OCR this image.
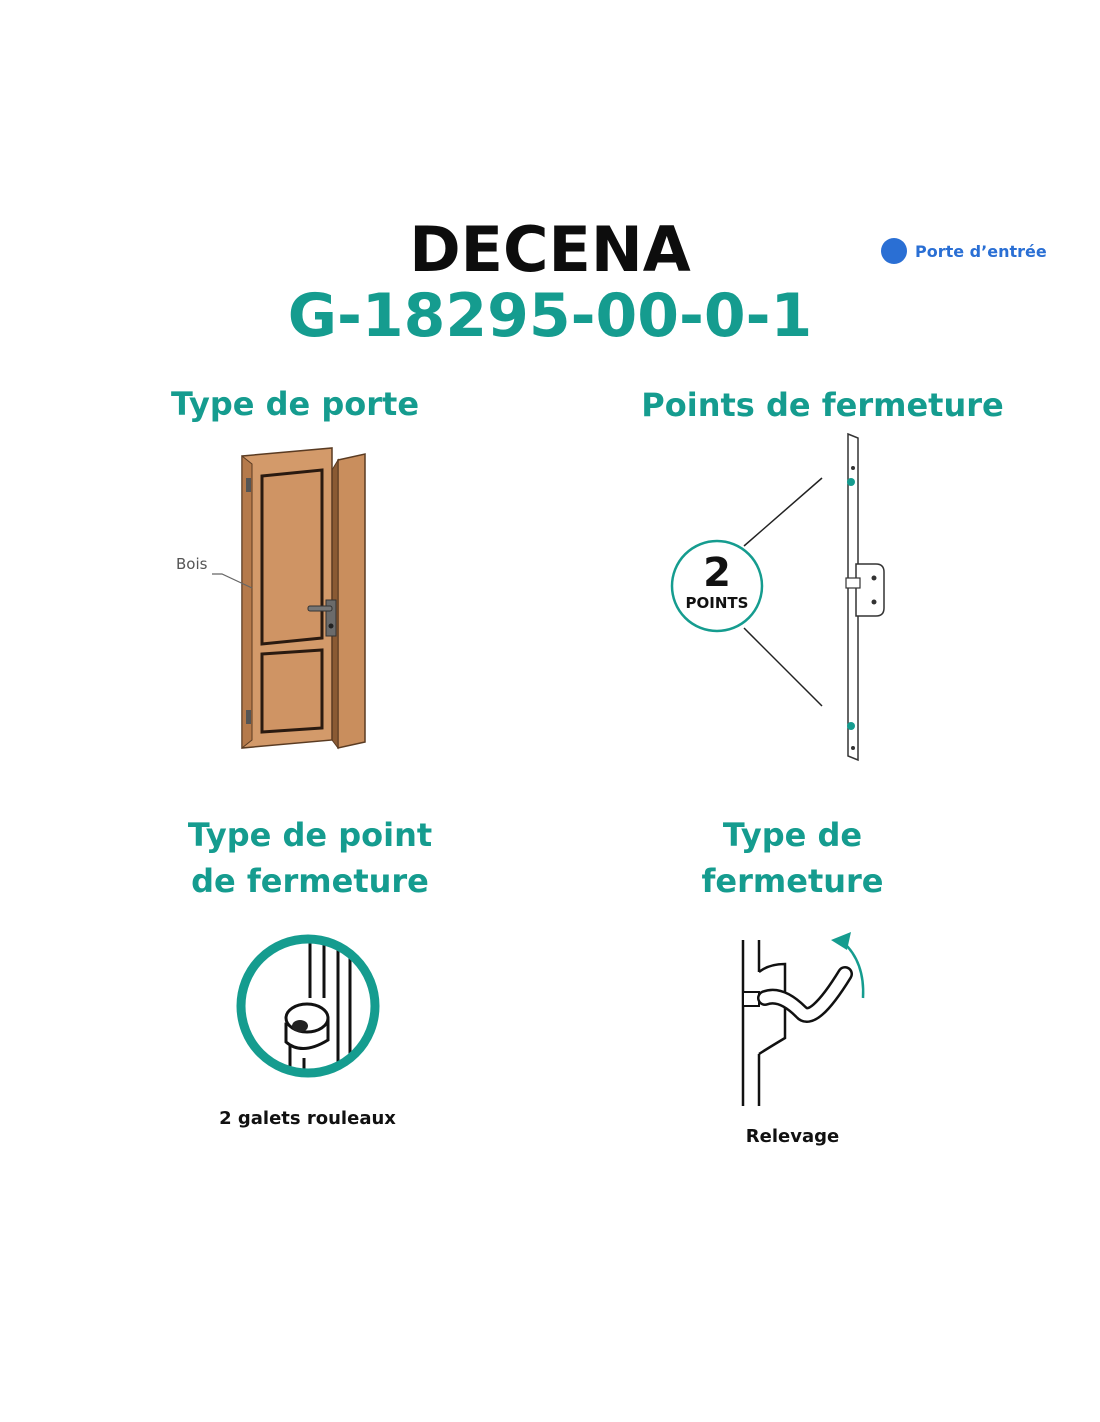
DECENA
G-18295-00-0-1
Porte d’entrée
Type de porte
Bois
Points de fermeture
2
POINTS
Type de point
de fermeture
2 galets rouleaux
Type de
fermeture
Relevage
